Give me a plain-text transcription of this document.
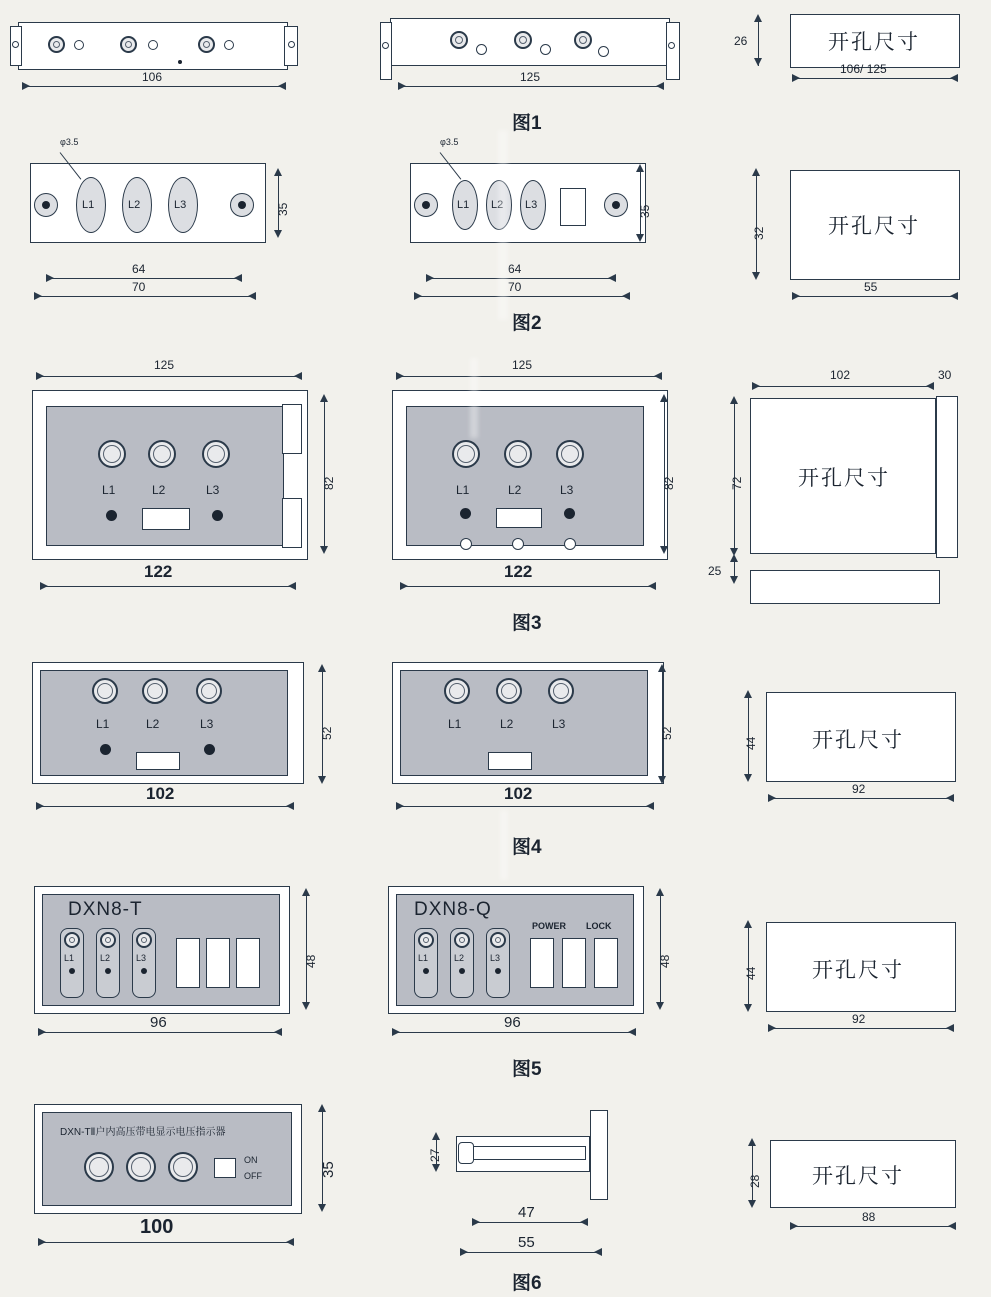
106	125
图1
开孔尺寸
26
106/ 125
L1	L2	L3
φ3.5
35
64
70
L1 L2 L3
φ3.5
35
64
70
图2
开孔尺寸
32
55
L1	L2	L3
125
82
122
L1	L2	L3
125
82
122
图3
开孔尺寸
102	30
72
25
L1	L2	L3
52
102
L1	L2	L3
52
102
图4
开孔尺寸
44
92
DXN8-T
L1	L2	L3	48
96
DXN8-Q
POWER LOCK
L1	L2	L3	48
96
图5
开孔尺寸
44
92
DXN-TⅡ户内高压带电显示电压指示器
ON
OFF	35
100
27
47
55
图6
开孔尺寸
28
88
